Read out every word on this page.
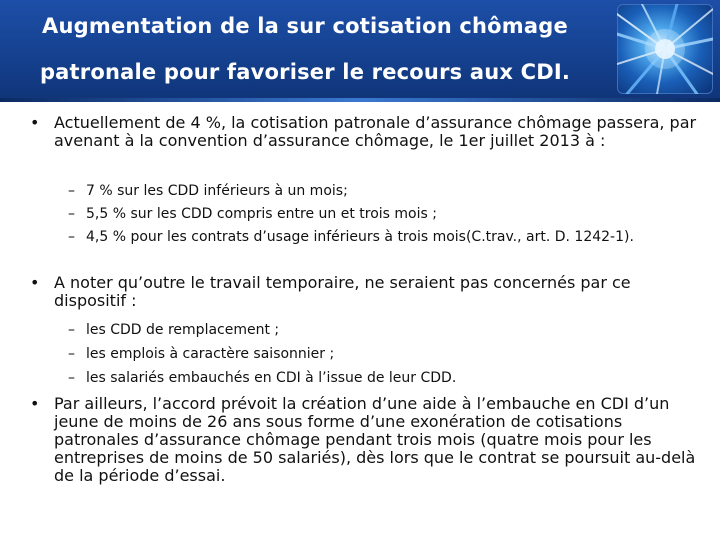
Augmentation de la sur cotisation chômage
patronale pour favoriser le recours aux CDI.
• Actuellement de 4 %, la cotisation patronale d’assurance chômage passera, par avenant à la convention d’assurance chômage, le 1er juillet 2013 à :
– 7 % sur les CDD inférieurs à un mois;
– 5,5 % sur les CDD compris entre un et trois mois ;
– 4,5 % pour les contrats d’usage inférieurs à trois mois(C.trav., art. D. 1242-1).
• A noter qu’outre le travail temporaire, ne seraient pas concernés par ce dispositif :
– les CDD de remplacement ;
– les emplois à caractère saisonnier ;
– les salariés embauchés en CDI à l’issue de leur CDD.
• Par ailleurs, l’accord prévoit la création d’une aide à l’embauche en CDI d’un jeune de moins de 26 ans sous forme d’une exonération de cotisations patronales d’assurance chômage pendant trois mois (quatre mois pour les entreprises de moins de 50 salariés), dès lors que le contrat se poursuit au-delà de la période d’essai.
